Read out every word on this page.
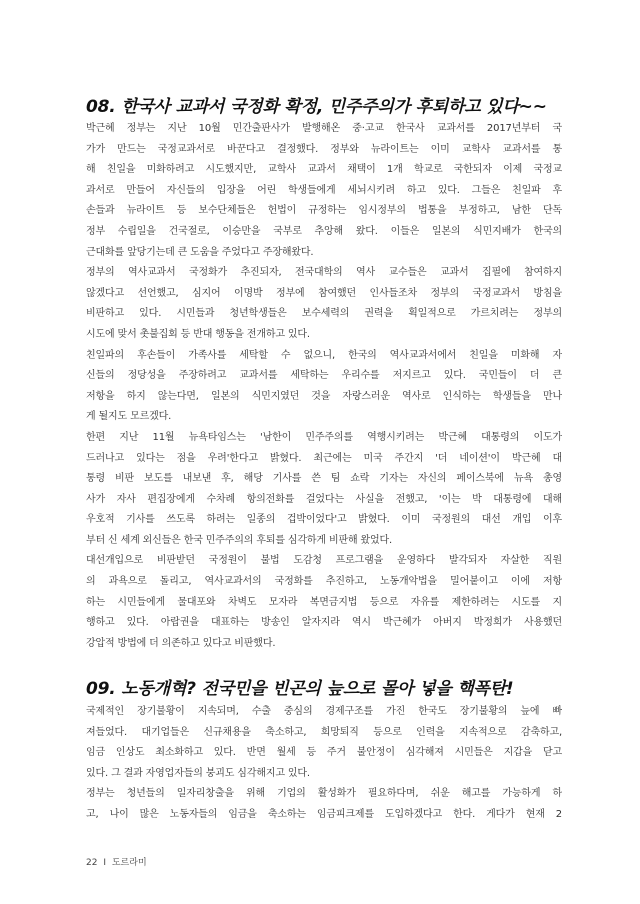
08. 한국사 교과서 국정화 확정, 민주주의가 후퇴하고 있다~~
박근혜 정부는 지난 10월 민간출판사가 발행해온 중·고교 한국사 교과서를 2017년부터 국
가가 만드는 국정교과서로 바꾼다고 결정했다. 정부와 뉴라이트는 이미 교학사 교과서를 통
해 친일을 미화하려고 시도했지만, 교학사 교과서 채택이 1개 학교로 국한되자 이제 국정교
과서로 만들어 자신들의 입장을 어린 학생들에게 세뇌시키려 하고 있다. 그들은 친일파 후
손들과 뉴라이트 등 보수단체들은 헌법이 규정하는 임시정부의 법통을 부정하고, 남한 단독
정부 수립일을 건국절로, 이승만을 국부로 추앙해 왔다. 이들은 일본의 식민지배가 한국의
근대화를 앞당기는데 큰 도움을 주었다고 주장해왔다.
정부의 역사교과서 국정화가 추진되자, 전국대학의 역사 교수들은 교과서 집필에 참여하지
않겠다고 선언했고, 심지어 이명박 정부에 참여했던 인사들조차 정부의 국정교과서 방침을
비판하고 있다. 시민들과 청년학생들은 보수세력의 권력을 획일적으로 가르치려는 정부의
시도에 맞서 촛불집회 등 반대 행동을 전개하고 있다.
친일파의 후손들이 가족사를 세탁할 수 없으니, 한국의 역사교과서에서 친일을 미화해 자
신들의 정당성을 주장하려고 교과서를 세탁하는 우리수를 저지르고 있다. 국민들이 더 큰
저항을 하지 않는다면, 일본의 식민지였던 것을 자랑스러운 역사로 인식하는 학생들을 만나
게 될지도 모르겠다.
한편 지난 11월 뉴욕타임스는 '남한이 민주주의를 역행시키려는 박근혜 대통령의 이도가
드러나고 있다는 점을 우려'한다고 밝혔다. 최근에는 미국 주간지 '더 네이션'이 박근혜 대
통령 비판 보도를 내보낸 후, 해당 기사를 쓴 팀 쇼락 기자는 자신의 페이스북에 뉴욕 총영
사가 자사 편집장에게 수차례 항의전화를 걸었다는 사실을 전했고, '이는 박 대통령에 대해
우호적 기사를 쓰도록 하려는 일종의 겁박이었다'고 밝혔다. 이미 국정원의 대선 개입 이후
부터 신 세계 외신들은 한국 민주주의의 후퇴를 심각하게 비판해 왔었다.
대선개입으로 비판받던 국정원이 불법 도감청 프로그램을 운영하다 발각되자 자살한 직원
의 과욕으로 돌리고, 역사교과서의 국정화를 추진하고, 노동개악법을 밀어붙이고 이에 저항
하는 시민들에게 물대포와 차벽도 모자라 복면금지법 등으로 자유를 제한하려는 시도를 지
행하고 있다. 아랍권을 대표하는 방송인 알자지라 역시 박근혜가 아버지 박정희가 사용했던
강압적 방법에 더 의존하고 있다고 비판했다.
09. 노동개혁? 전국민을 빈곤의 늪으로 몰아 넣을 핵폭탄!
국제적인 장기불황이 지속되며, 수출 중심의 경제구조를 가진 한국도 장기불황의 늪에 빠
져들었다. 대기업들은 신규채용을 축소하고, 희망퇴직 등으로 인력을 지속적으로 감축하고,
임금 인상도 최소화하고 있다. 반면 월세 등 주거 불안정이 심각해져 시민들은 지갑을 닫고
있다. 그 결과 자영업자들의 붕괴도 심각해지고 있다.
정부는 청년들의 일자리창출을 위해 기업의 활성화가 필요하다며, 쉬운 해고를 가능하게 하
고, 나이 많은 노동자들의 임금을 축소하는 임금피크제를 도입하겠다고 한다. 게다가 현재 2
22 I 도르라미
